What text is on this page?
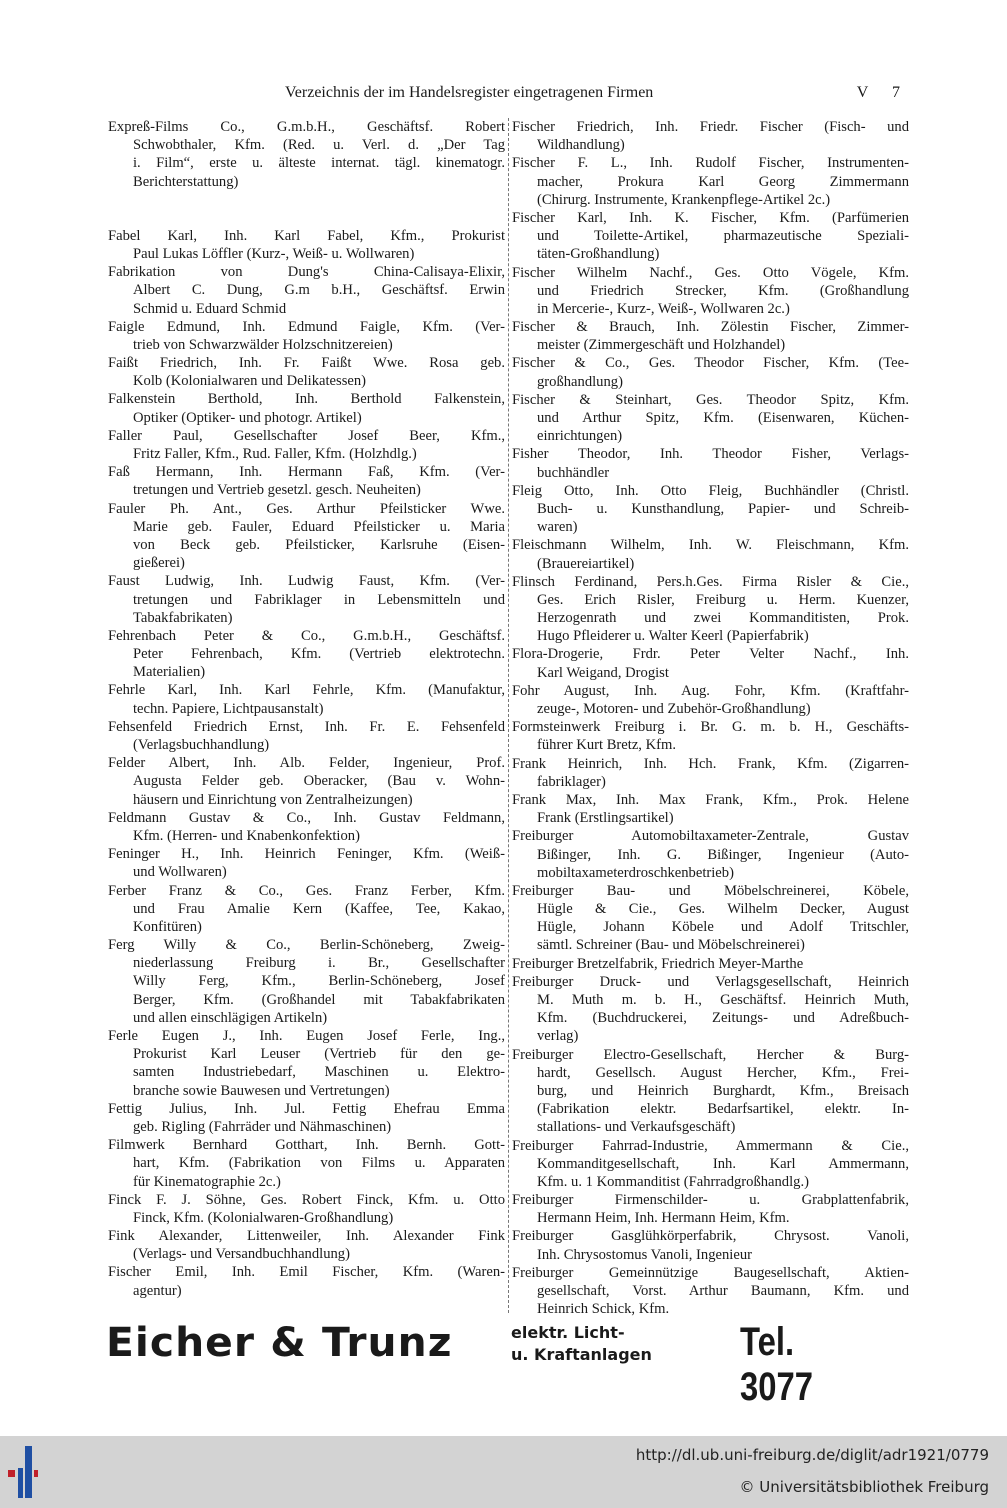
Verzeichnis der im Handelsregister eingetragenen Firmen	V 7
Expreß-Films Co., G.m.b.H., Geschäftsf. Robert
Schwobthaler, Kfm. (Red. u. Verl. d. „Der Tag
i. Film“, erste u. älteste internat. tägl. kinematogr.
Berichterstattung)
Fabel Karl, Inh. Karl Fabel, Kfm., Prokurist
Paul Lukas Löffler (Kurz-, Weiß- u. Wollwaren)
Fabrikation von Dung's China-Calisaya-Elixir,
Albert C. Dung, G.m b.H., Geschäftsf. Erwin
Schmid u. Eduard Schmid
Faigle Edmund, Inh. Edmund Faigle, Kfm. (Ver-
trieb von Schwarzwälder Holzschnitzereien)
Faißt Friedrich, Inh. Fr. Faißt Wwe. Rosa geb.
Kolb (Kolonialwaren und Delikatessen)
Falkenstein Berthold, Inh. Berthold Falkenstein,
Optiker (Optiker- und photogr. Artikel)
Faller Paul, Gesellschafter Josef Beer, Kfm.,
Fritz Faller, Kfm., Rud. Faller, Kfm. (Holzhdlg.)
Faß Hermann, Inh. Hermann Faß, Kfm. (Ver-
tretungen und Vertrieb gesetzl. gesch. Neuheiten)
Fauler Ph. Ant., Ges. Arthur Pfeilsticker Wwe.
Marie geb. Fauler, Eduard Pfeilsticker u. Maria
von Beck geb. Pfeilsticker, Karlsruhe (Eisen-
gießerei)
Faust Ludwig, Inh. Ludwig Faust, Kfm. (Ver-
tretungen und Fabriklager in Lebensmitteln und
Tabakfabrikaten)
Fehrenbach Peter & Co., G.m.b.H., Geschäftsf.
Peter Fehrenbach, Kfm. (Vertrieb elektrotechn.
Materialien)
Fehrle Karl, Inh. Karl Fehrle, Kfm. (Manufaktur,
techn. Papiere, Lichtpausanstalt)
Fehsenfeld Friedrich Ernst, Inh. Fr. E. Fehsenfeld
(Verlagsbuchhandlung)
Felder Albert, Inh. Alb. Felder, Ingenieur, Prof.
Augusta Felder geb. Oberacker, (Bau v. Wohn-
häusern und Einrichtung von Zentralheizungen)
Feldmann Gustav & Co., Inh. Gustav Feldmann,
Kfm. (Herren- und Knabenkonfektion)
Feninger H., Inh. Heinrich Feninger, Kfm. (Weiß-
und Wollwaren)
Ferber Franz & Co., Ges. Franz Ferber, Kfm.
und Frau Amalie Kern (Kaffee, Tee, Kakao,
Konfitüren)
Ferg Willy & Co., Berlin-Schöneberg, Zweig-
niederlassung Freiburg i. Br., Gesellschafter
Willy Ferg, Kfm., Berlin-Schöneberg, Josef
Berger, Kfm. (Großhandel mit Tabakfabrikaten
und allen einschlägigen Artikeln)
Ferle Eugen J., Inh. Eugen Josef Ferle, Ing.,
Prokurist Karl Leuser (Vertrieb für den ge-
samten Industriebedarf, Maschinen u. Elektro-
branche sowie Bauwesen und Vertretungen)
Fettig Julius, Inh. Jul. Fettig Ehefrau Emma
geb. Rigling (Fahrräder und Nähmaschinen)
Filmwerk Bernhard Gotthart, Inh. Bernh. Gott-
hart, Kfm. (Fabrikation von Films u. Apparaten
für Kinematographie 2c.)
Finck F. J. Söhne, Ges. Robert Finck, Kfm. u. Otto
Finck, Kfm. (Kolonialwaren-Großhandlung)
Fink Alexander, Littenweiler, Inh. Alexander Fink
(Verlags- und Versandbuchhandlung)
Fischer Emil, Inh. Emil Fischer, Kfm. (Waren-
agentur)
Fischer Friedrich, Inh. Friedr. Fischer (Fisch- und
Wildhandlung)
Fischer F. L., Inh. Rudolf Fischer, Instrumenten-
macher, Prokura Karl Georg Zimmermann
(Chirurg. Instrumente, Krankenpflege-Artikel 2c.)
Fischer Karl, Inh. K. Fischer, Kfm. (Parfümerien
und Toilette-Artikel, pharmazeutische Speziali-
täten-Großhandlung)
Fischer Wilhelm Nachf., Ges. Otto Vögele, Kfm.
und Friedrich Strecker, Kfm. (Großhandlung
in Mercerie-, Kurz-, Weiß-, Wollwaren 2c.)
Fischer & Brauch, Inh. Zölestin Fischer, Zimmer-
meister (Zimmergeschäft und Holzhandel)
Fischer & Co., Ges. Theodor Fischer, Kfm. (Tee-
großhandlung)
Fischer & Steinhart, Ges. Theodor Spitz, Kfm.
und Arthur Spitz, Kfm. (Eisenwaren, Küchen-
einrichtungen)
Fisher Theodor, Inh. Theodor Fisher, Verlags-
buchhändler
Fleig Otto, Inh. Otto Fleig, Buchhändler (Christl.
Buch- u. Kunsthandlung, Papier- und Schreib-
waren)
Fleischmann Wilhelm, Inh. W. Fleischmann, Kfm.
(Brauereiartikel)
Flinsch Ferdinand, Pers.h.Ges. Firma Risler & Cie.,
Ges. Erich Risler, Freiburg u. Herm. Kuenzer,
Herzogenrath und zwei Kommanditisten, Prok.
Hugo Pfleiderer u. Walter Keerl (Papierfabrik)
Flora-Drogerie, Frdr. Peter Velter Nachf., Inh.
Karl Weigand, Drogist
Fohr August, Inh. Aug. Fohr, Kfm. (Kraftfahr-
zeuge-, Motoren- und Zubehör-Großhandlung)
Formsteinwerk Freiburg i. Br. G. m. b. H., Geschäfts-
führer Kurt Bretz, Kfm.
Frank Heinrich, Inh. Hch. Frank, Kfm. (Zigarren-
fabriklager)
Frank Max, Inh. Max Frank, Kfm., Prok. Helene
Frank (Erstlingsartikel)
Freiburger Automobiltaxameter-Zentrale, Gustav
Bißinger, Inh. G. Bißinger, Ingenieur (Auto-
mobiltaxameterdroschkenbetrieb)
Freiburger Bau- und Möbelschreinerei, Köbele,
Hügle & Cie., Ges. Wilhelm Decker, August
Hügle, Johann Köbele und Adolf Tritschler,
sämtl. Schreiner (Bau- und Möbelschreinerei)
Freiburger Bretzelfabrik, Friedrich Meyer-Marthe
Freiburger Druck- und Verlagsgesellschaft, Heinrich
M. Muth m. b. H., Geschäftsf. Heinrich Muth,
Kfm. (Buchdruckerei, Zeitungs- und Adreßbuch-
verlag)
Freiburger Electro-Gesellschaft, Hercher & Burg-
hardt, Gesellsch. August Hercher, Kfm., Frei-
burg, und Heinrich Burghardt, Kfm., Breisach
(Fabrikation elektr. Bedarfsartikel, elektr. In-
stallations- und Verkaufsgeschäft)
Freiburger Fahrrad-Industrie, Ammermann & Cie.,
Kommanditgesellschaft, Inh. Karl Ammermann,
Kfm. u. 1 Kommanditist (Fahrradgroßhandlg.)
Freiburger Firmenschilder- u. Grabplattenfabrik,
Hermann Heim, Inh. Hermann Heim, Kfm.
Freiburger Gasglühkörperfabrik, Chrysost. Vanoli,
Inh. Chrysostomus Vanoli, Ingenieur
Freiburger Gemeinnützige Baugesellschaft, Aktien-
gesellschaft, Vorst. Arthur Baumann, Kfm. und
Heinrich Schick, Kfm.
Eicher & Trunz	elektr. Licht-
u. Kraftanlagen Tel. 3077
http://dl.ub.uni-freiburg.de/diglit/adr1921/0779
© Universitätsbibliothek Freiburg
